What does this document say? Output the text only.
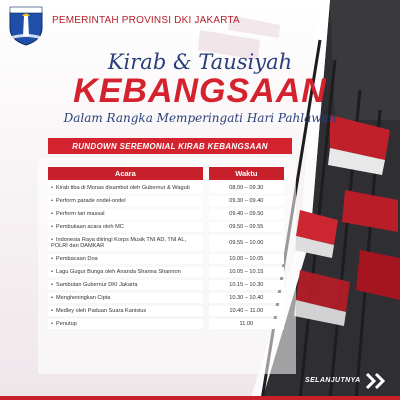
PEMERINTAH PROVINSI DKI JAKARTA
Kirab & Tausiyah
KEBANGSAAN
Dalam Rangka Memperingati Hari Pahlawan
RUNDOWN SEREMONIAL KIRAB KEBANGSAAN
Acara		Waktu
• Kirab tiba di Monas disambut oleh Gubernur & Wagub		08.00 – 09.30
• Perform parade ondel-ondel		09.30 – 09.40
• Perform tari massal		09.40 – 09.50
• Pembukaan acara oleh MC		09.50 – 09.55
• Indonesia Raya diiringi Korps Musik TNI AD, TNI AL, POLRI dan DAMKAR		09.55 – 10.00
• Pembacaan Doa		10.00 – 10.05
• Lagu Gugur Bunga oleh Ananda Shanna Shannon		10.05 – 10.15
• Sambutan Gubernur DKI Jakarta		10.15 – 10.30
• Mengheningkan Cipta		10.30 – 10.40
• Medley oleh Paduan Suara Kanisius		10.40 – 11.00
• Penutup		11.00
SELANJUTNYA
